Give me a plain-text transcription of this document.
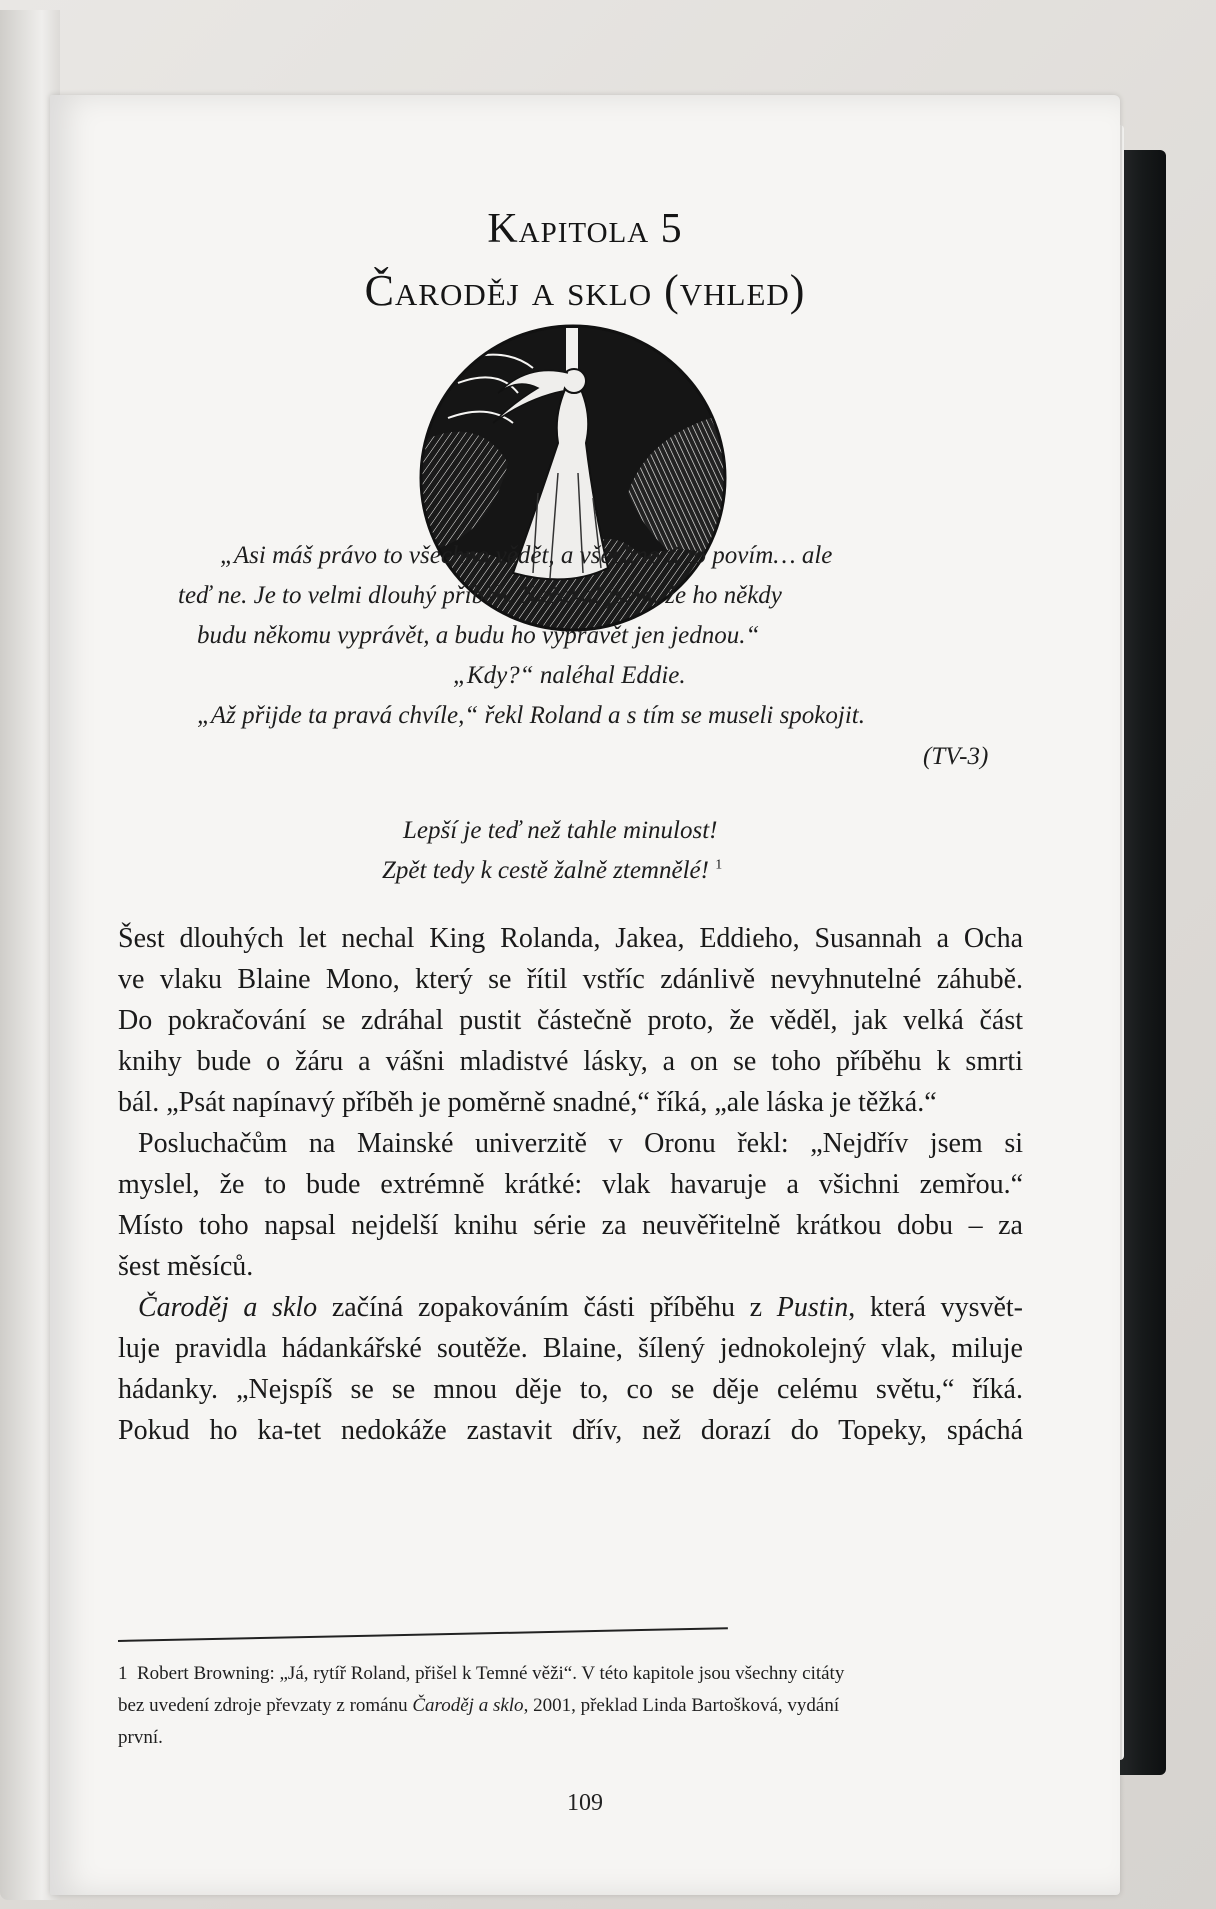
Kapitola 5
Čaroděj a sklo (vhled)
„Asi máš právo to všechno vědět, a všechno ti to povím… ale
teď ne. Je to velmi dlouhý příběh. Nečekal jsem, že ho někdy
budu někomu vyprávět, a budu ho vyprávět jen jednou.“
„Kdy?“ naléhal Eddie.
„Až přijde ta pravá chvíle,“ řekl Roland a s tím se museli spokojit.
(TV-3)
Lepší je teď než tahle minulost!
Zpět tedy k cestě žalně ztemnělé! $^1$
Šest dlouhých let nechal King Rolanda, Jakea, Eddieho, Susannah a Ocha
ve vlaku Blaine Mono, který se řítil vstříc zdánlivě nevyhnutelné záhubě.
Do pokračování se zdráhal pustit částečně proto, že věděl, jak velká část
knihy bude o žáru a vášni mladistvé lásky, a on se toho příběhu k smrti
bál. „Psát napínavý příběh je poměrně snadné,“ říká, „ale láska je těžká.“
Posluchačům na Mainské univerzitě v Oronu řekl: „Nejdřív jsem si
myslel, že to bude extrémně krátké: vlak havaruje a všichni zemřou.“
Místo toho napsal nejdelší knihu série za neuvěřitelně krátkou dobu – za
šest měsíců.
Čaroděj a sklo začíná zopakováním části příběhu z Pustin, která vysvět-
luje pravidla hádankářské soutěže. Blaine, šílený jednokolejný vlak, miluje
hádanky. „Nejspíš se se mnou děje to, co se děje celému světu,“ říká.
Pokud ho ka-tet nedokáže zastavit dřív, než dorazí do Topeky, spáchá
1 Robert Browning: „Já, rytíř Roland, přišel k Temné věži“. V této kapitole jsou všechny citáty
bez uvedení zdroje převzaty z románu Čaroděj a sklo, 2001, překlad Linda Bartošková, vydání
první.
109
